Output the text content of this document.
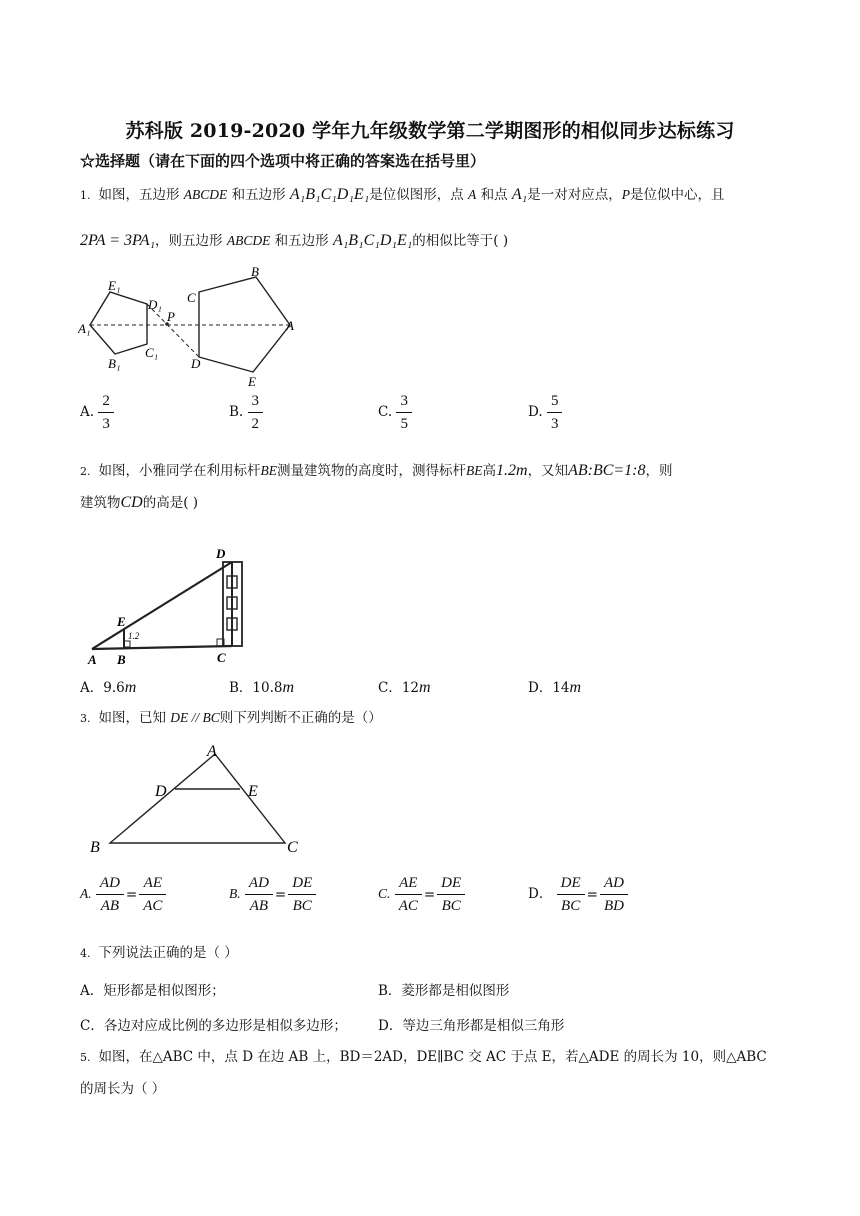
苏科版 2019-2020 学年九年级数学第二学期图形的相似同步达标练习
☆选择题（请在下面的四个选项中将正确的答案选在括号里）
1. 如图，五边形 ABCDE 和五边形 A₁B₁C₁D₁E₁是位似图形，点 A 和点 A₁是一对对应点，P是位似中心，且
2PA = 3PA₁，则五边形 ABCDE 和五边形 A₁B₁C₁D₁E₁的相似比等于( )
E₁
D₁
P
A₁
B₁
C₁
C
B
A
D
E
A. $\frac{2}{3}$	B. $\frac{3}{2}$	C. $\frac{3}{5}$	D. $\frac{5}{3}$
2. 如图，小雅同学在利用标杆BE测量建筑物的高度时，测得标杆BE高1.2m，又知AB:BC=1:8，则
建筑物CD的高是( )
D
E
1.2
A B	C
A．9.6m	B．10.8m	C．12m	D．14m
3. 如图，已知 DE // BC则下列判断不正确的是（）
A
D	E
B	C
A. $\frac{AD}{AB} = \frac{AE}{AC}$	B. $\frac{AD}{AB} = \frac{DE}{BC}$	C. $\frac{AE}{AC} = \frac{DE}{BC}$	D． $\frac{DE}{BC} = \frac{AD}{BD}$
4. 下列说法正确的是（ ）
A．矩形都是相似图形；	B．菱形都是相似图形
C．各边对应成比例的多边形是相似多边形； D．等边三角形都是相似三角形
5. 如图，在△ABC 中，点 D 在边 AB 上，BD＝2AD，DE∥BC 交 AC 于点 E，若△ADE 的周长为 10，则△ABC
的周长为（ ）
